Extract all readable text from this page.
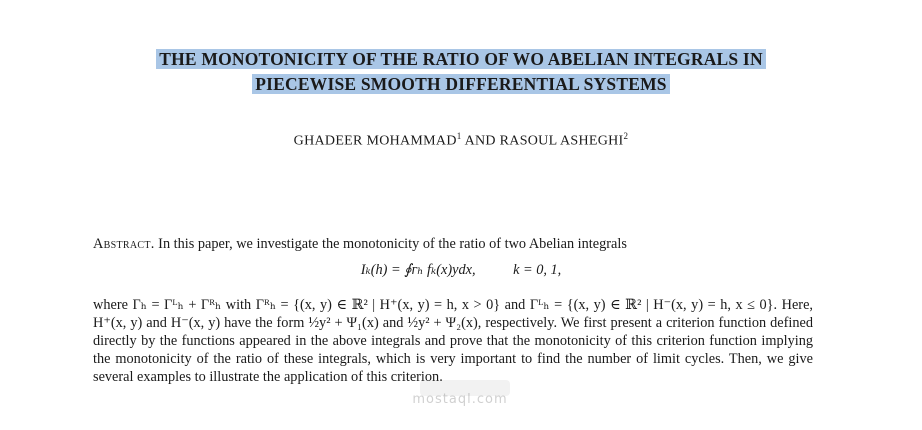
THE MONOTONICITY OF THE RATIO OF WO ABELIAN INTEGRALS IN
PIECEWISE SMOOTH DIFFERENTIAL SYSTEMS
GHADEER MOHAMMAD$^1$ AND RASOUL ASHEGHI$^2$
Abstract. In this paper, we investigate the monotonicity of the ratio of two Abelian integrals
Iₖ(h) = ∮ᴦₕ fₖ(x)ydx,	k = 0, 1,

where Γₕ = Γᴸₕ + Γᴿₕ with Γᴿₕ = {(x, y) ∈ ℝ² | H⁺(x, y) = h, x > 0} and Γᴸₕ = {(x, y) ∈ ℝ² | H⁻(x, y) = h, x ≤ 0}. Here, H⁺(x, y) and H⁻(x, y) have the form ½y² + Ψ₁(x) and ½y² + Ψ₂(x), respectively. We first present a criterion function defined directly by the functions appeared in the above integrals and prove that the monotonicity of this criterion function implying the monotonicity of the ratio of these integrals, which is very important to find the number of limit cycles. Then, we give several examples to illustrate the application of this criterion.

mostaql.com
